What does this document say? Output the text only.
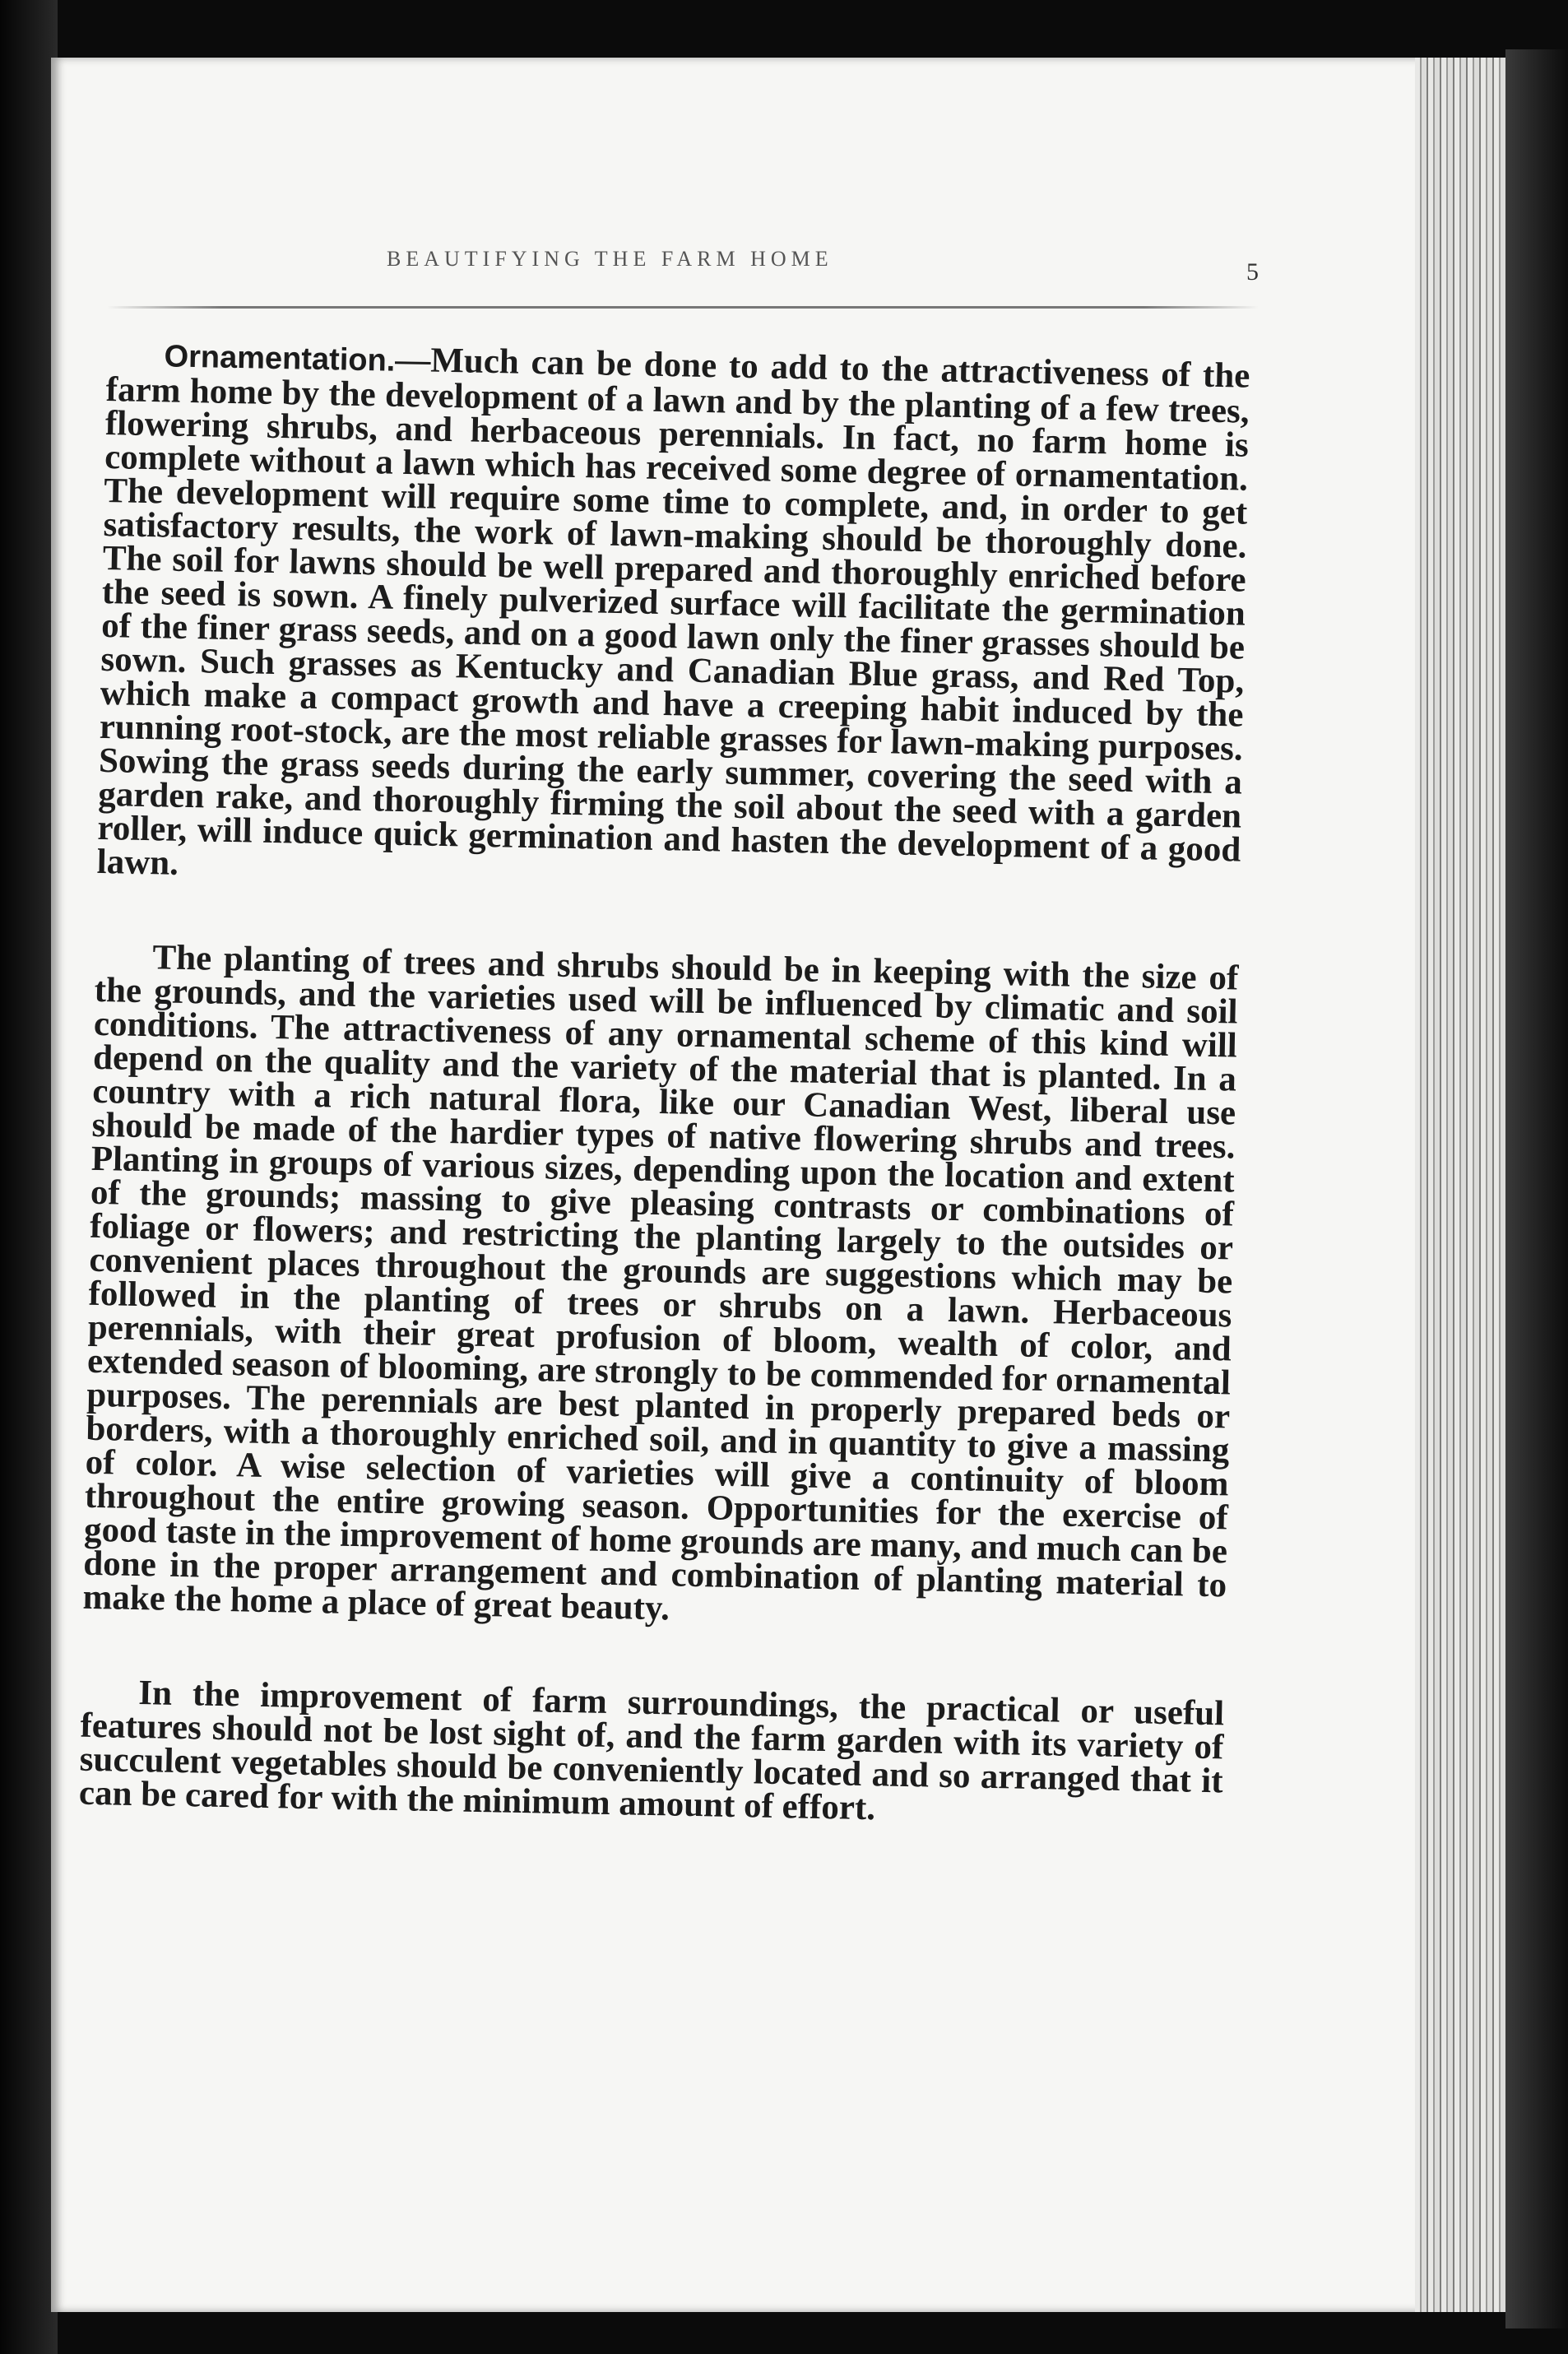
BEAUTIFYING THE FARM HOME	5

Ornamentation.—Much can be done to add to the attractiveness of the farm home by the development of a lawn and by the planting of a few trees, flowering shrubs, and herbaceous perennials. In fact, no farm home is complete without a lawn which has received some degree of ornamentation. The development will require some time to complete, and, in order to get satisfactory results, the work of lawn-making should be thoroughly done. The soil for lawns should be well prepared and thoroughly enriched before the seed is sown. A finely pulverized surface will facilitate the germination of the finer grass seeds, and on a good lawn only the finer grasses should be sown. Such grasses as Kentucky and Canadian Blue grass, and Red Top, which make a compact growth and have a creeping habit induced by the running root-stock, are the most reliable grasses for lawn-making purposes. Sowing the grass seeds during the early summer, covering the seed with a garden rake, and thoroughly firming the soil about the seed with a garden roller, will induce quick germination and hasten the development of a good lawn.

The planting of trees and shrubs should be in keeping with the size of the grounds, and the varieties used will be influenced by climatic and soil conditions. The attractiveness of any ornamental scheme of this kind will depend on the quality and the variety of the material that is planted. In a country with a rich natural flora, like our Canadian West, liberal use should be made of the hardier types of native flowering shrubs and trees. Planting in groups of various sizes, depending upon the location and extent of the grounds; massing to give pleasing contrasts or combinations of foliage or flowers; and restricting the planting largely to the outsides or convenient places throughout the grounds are suggestions which may be followed in the planting of trees or shrubs on a lawn. Herbaceous perennials, with their great profusion of bloom, wealth of color, and extended season of blooming, are strongly to be commended for ornamental purposes. The perennials are best planted in properly prepared beds or borders, with a thoroughly enriched soil, and in quantity to give a massing of color. A wise selection of varieties will give a continuity of bloom throughout the entire growing season. Opportunities for the exercise of good taste in the improvement of home grounds are many, and much can be done in the proper arrangement and combination of planting material to make the home a place of great beauty.

In the improvement of farm surroundings, the practical or useful features should not be lost sight of, and the farm garden with its variety of succulent vegetables should be conveniently located and so arranged that it can be cared for with the minimum amount of effort.
